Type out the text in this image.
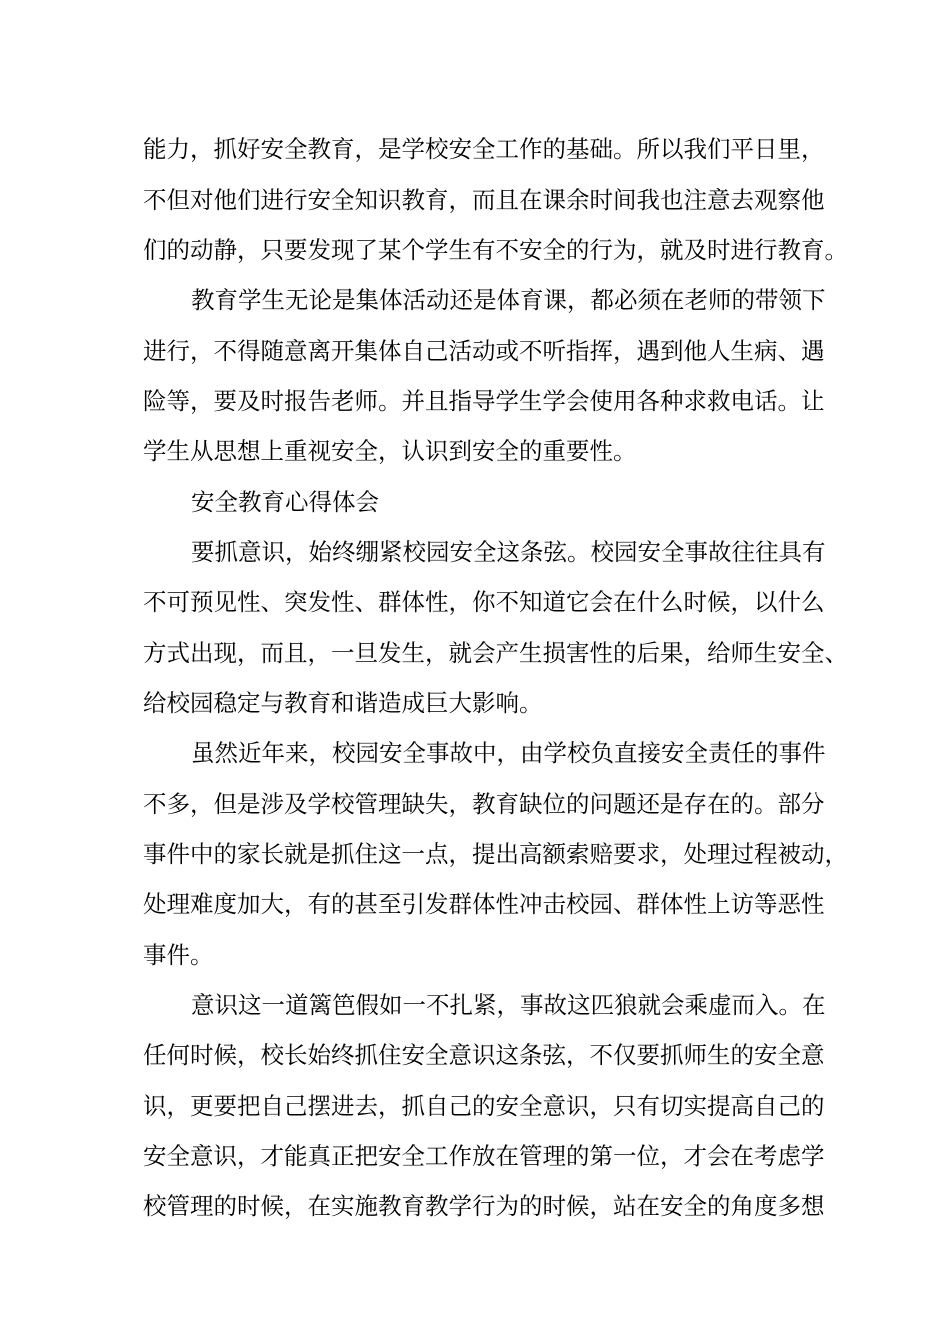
能力，抓好安全教育，是学校安全工作的基础。所以我们平日里，
不但对他们进行安全知识教育，而且在课余时间我也注意去观察他
们的动静，只要发现了某个学生有不安全的行为，就及时进行教育。
教育学生无论是集体活动还是体育课，都必须在老师的带领下
进行，不得随意离开集体自己活动或不听指挥，遇到他人生病、遇
险等，要及时报告老师。并且指导学生学会使用各种求救电话。让
学生从思想上重视安全，认识到安全的重要性。
安全教育心得体会
要抓意识，始终绷紧校园安全这条弦。校园安全事故往往具有
不可预见性、突发性、群体性，你不知道它会在什么时候，以什么
方式出现，而且，一旦发生，就会产生损害性的后果，给师生安全、
给校园稳定与教育和谐造成巨大影响。
虽然近年来，校园安全事故中，由学校负直接安全责任的事件
不多，但是涉及学校管理缺失，教育缺位的问题还是存在的。部分
事件中的家长就是抓住这一点，提出高额索赔要求，处理过程被动，
处理难度加大，有的甚至引发群体性冲击校园、群体性上访等恶性
事件。
意识这一道篱笆假如一不扎紧，事故这匹狼就会乘虚而入。在
任何时候，校长始终抓住安全意识这条弦，不仅要抓师生的安全意
识，更要把自己摆进去，抓自己的安全意识，只有切实提高自己的
安全意识，才能真正把安全工作放在管理的第一位，才会在考虑学
校管理的时候，在实施教育教学行为的时候，站在安全的角度多想
